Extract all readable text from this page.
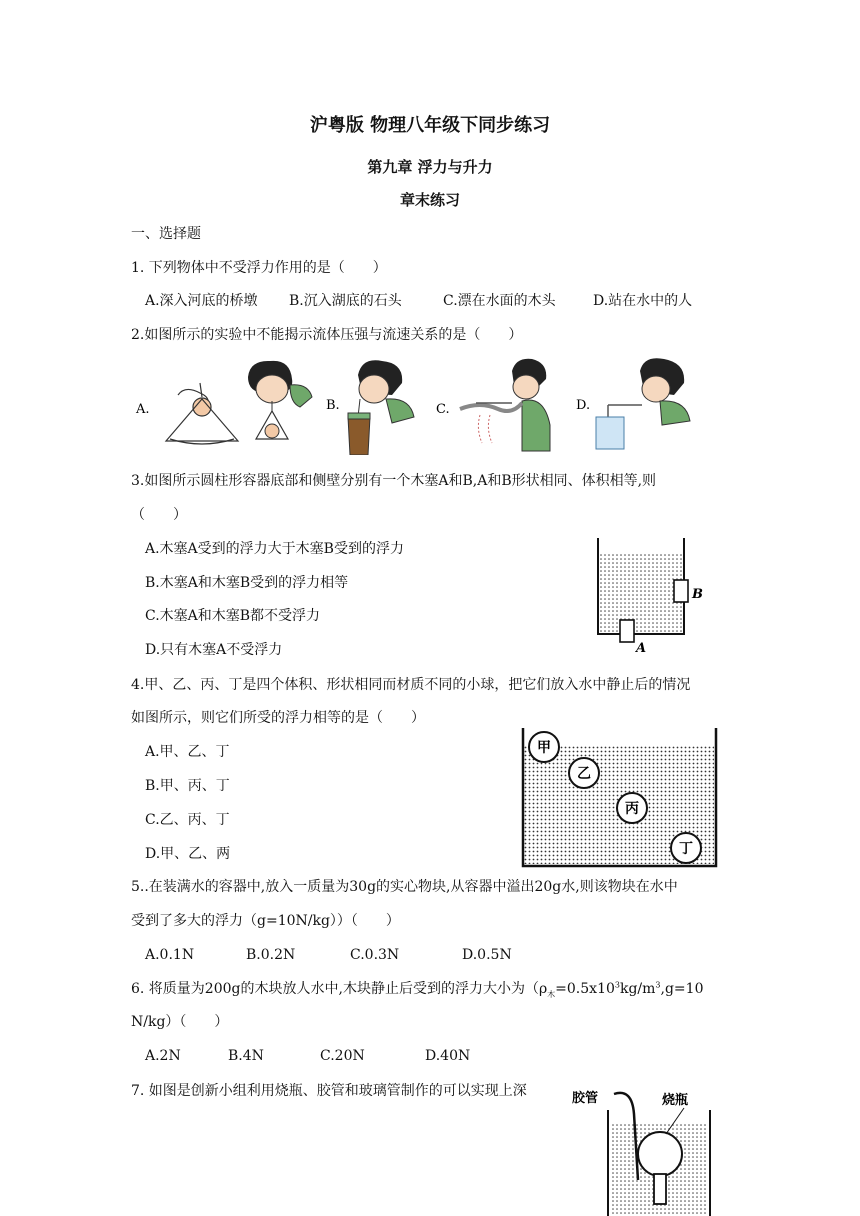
沪粤版 物理八年级下同步练习
第九章 浮力与升力
章末练习
一、选择题
1. 下列物体中不受浮力作用的是（　　）
A.深入河底的桥墩 B.沉入湖底的石头	C.漂在水面的木头	D.站在水中的人
2.如图所示的实验中不能揭示流体压强与流速关系的是（　　）
A.	B.	C.	D.
3.如图所示圆柱形容器底部和侧壁分别有一个木塞A和B,A和B形状相同、体积相等,则
（　　）
A.木塞A受到的浮力大于木塞B受到的浮力
B.木塞A和木塞B受到的浮力相等
C.木塞A和木塞B都不受浮力
D.只有木塞A不受浮力
B
A
4.甲、乙、丙、丁是四个体积、形状相同而材质不同的小球，把它们放入水中静止后的情况
如图所示，则它们所受的浮力相等的是（　　）
A.甲、乙、丁
B.甲、丙、丁
C.乙、丙、丁
D.甲、乙、两
甲
乙
丙
丁
5..在装满水的容器中,放入一质量为30g的实心物块,从容器中溢出20g水,则该物块在水中
受到了多大的浮力（g=10N/kg））（　　）
A.0.1N	B.0.2N	C.0.3N	D.0.5N
6. 将质量为200g的木块放人水中,木块静止后受到的浮力大小为（$\rho_木=0.5x10^3kg/m^3,g=10$
N/kg）（　　）
A.2N	B.4N	C.20N	D.40N
7. 如图是创新小组利用烧瓶、胶管和玻璃管制作的可以实现上深	胶管	烧瓶
